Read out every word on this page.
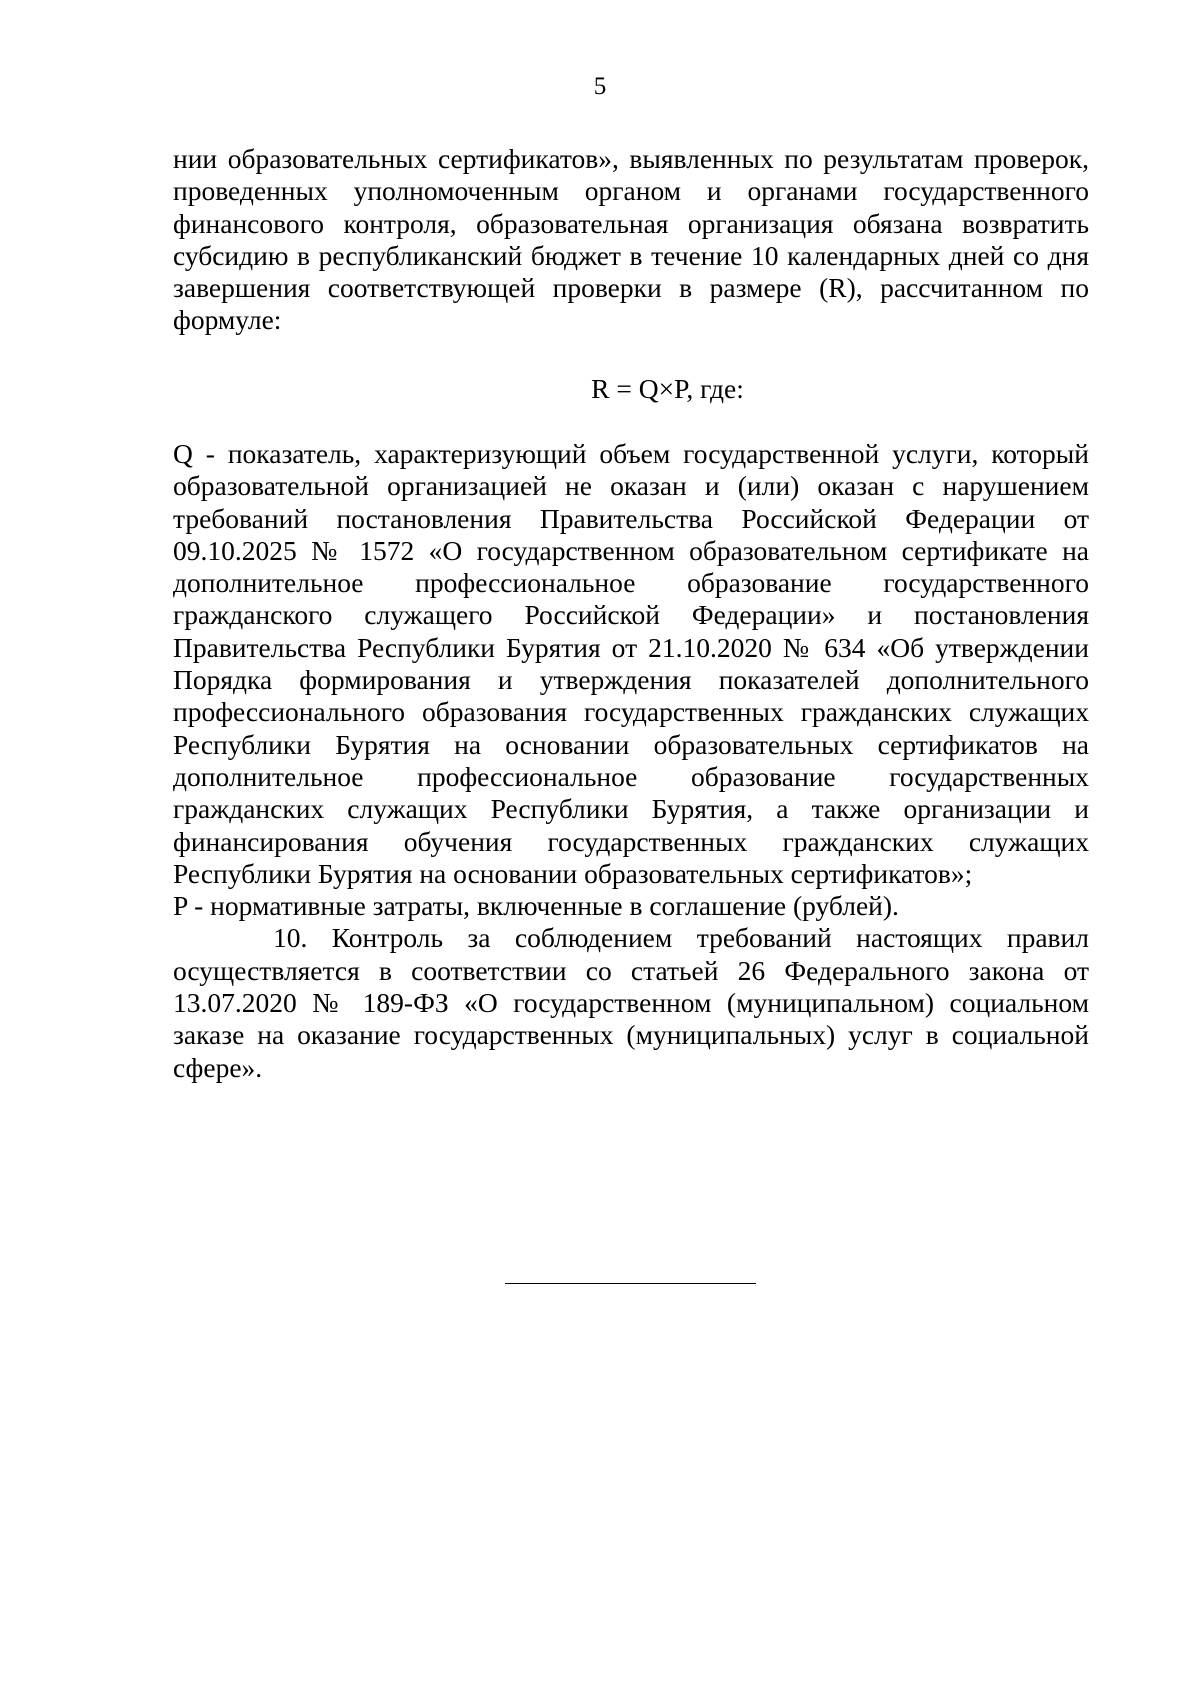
5

нии образовательных сертификатов», выявленных по результатам проверок, проведенных уполномоченным органом и органами государственного финансового контроля, образовательная организация обязана возвратить субсидию в республиканский бюджет в течение 10 календарных дней со дня завершения соответствующей проверки в размере (R), рассчитанном по формуле:

R = Q×P, где:

Q - показатель, характеризующий объем государственной услуги, который образовательной организацией не оказан и (или) оказан с нарушением требований постановления Правительства Российской Федерации от 09.10.2025 № 1572 «О государственном образовательном сертификате на дополнительное профессиональное образование государственного гражданского служащего Российской Федерации» и постановления Правительства Республики Бурятия от 21.10.2020 № 634 «Об утверждении Порядка формирования и утверждения показателей дополнительного профессионального образования государственных гражданских служащих Республики Бурятия на основании образовательных сертификатов на дополнительное профессиональное образование государственных гражданских служащих Республики Бурятия, а также организации и финансирования обучения государственных гражданских служащих Республики Бурятия на основании образовательных сертификатов»;

P - нормативные затраты, включенные в соглашение (рублей).

10. Контроль за соблюдением требований настоящих правил осуществляется в соответствии со статьей 26 Федерального закона от 13.07.2020 № 189-ФЗ «О государственном (муниципальном) социальном заказе на оказание государственных (муниципальных) услуг в социальной сфере».
